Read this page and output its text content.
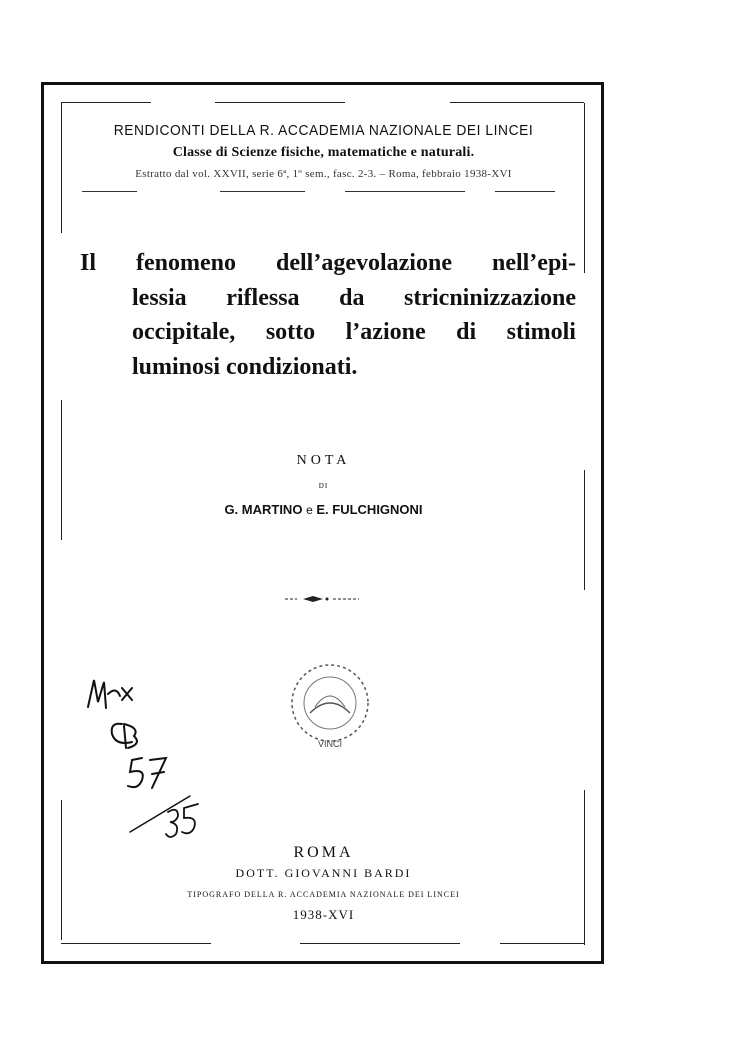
RENDICONTI DELLA R. ACCADEMIA NAZIONALE DEI LINCEI
Classe di Scienze fisiche, matematiche e naturali.
Estratto dal vol. XXVII, serie 6ª, 1º sem., fasc. 2-3. – Roma, febbraio 1938-XVI
Il fenomeno dell’agevolazione nell’epi-
lessia riflessa da stricninizzazione
occipitale, sotto l’azione di stimoli
luminosi condizionati.
NOTA
DI
G. MARTINO e E. FULCHIGNONI
VINCI
ROMA
DOTT. GIOVANNI BARDI
TIPOGRAFO DELLA R. ACCADEMIA NAZIONALE DEI LINCEI
1938-XVI
